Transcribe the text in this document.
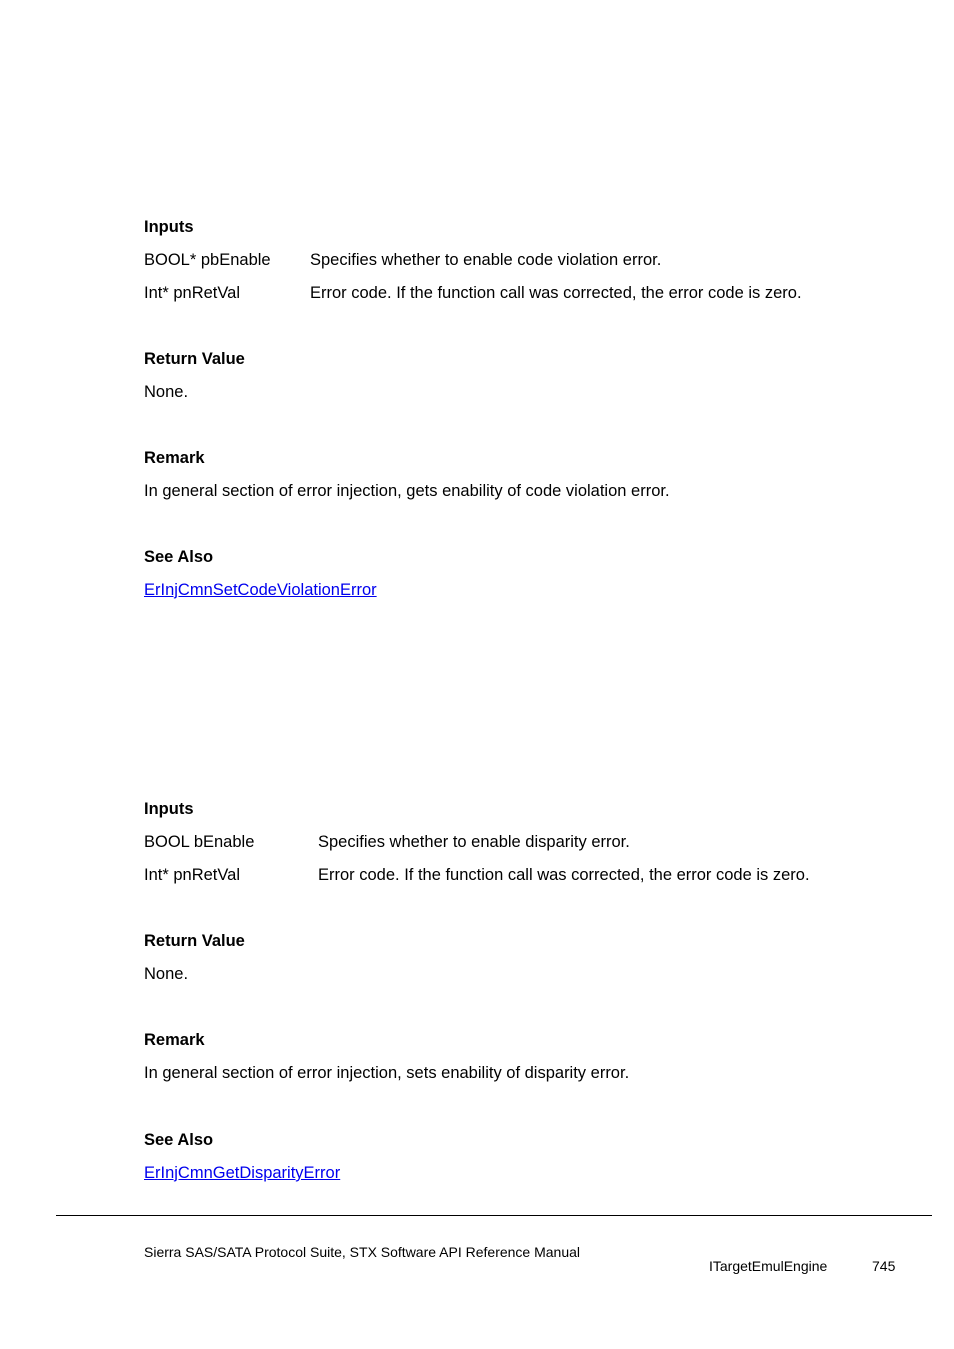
Inputs
BOOL* pbEnable Specifies whether to enable code violation error.
Int* pnRetVal	Error code. If the function call was corrected, the error code is zero.
Return Value
None.
Remark
In general section of error injection, gets enability of code violation error.
See Also
ErInjCmnSetCodeViolationError
Inputs
BOOL bEnable	Specifies whether to enable disparity error.
Int* pnRetVal	Error code. If the function call was corrected, the error code is zero.
Return Value
None.
Remark
In general section of error injection, sets enability of disparity error.
See Also
ErInjCmnGetDisparityError
Sierra SAS/SATA Protocol Suite, STX Software API Reference Manual
ITargetEmulEngine	745
